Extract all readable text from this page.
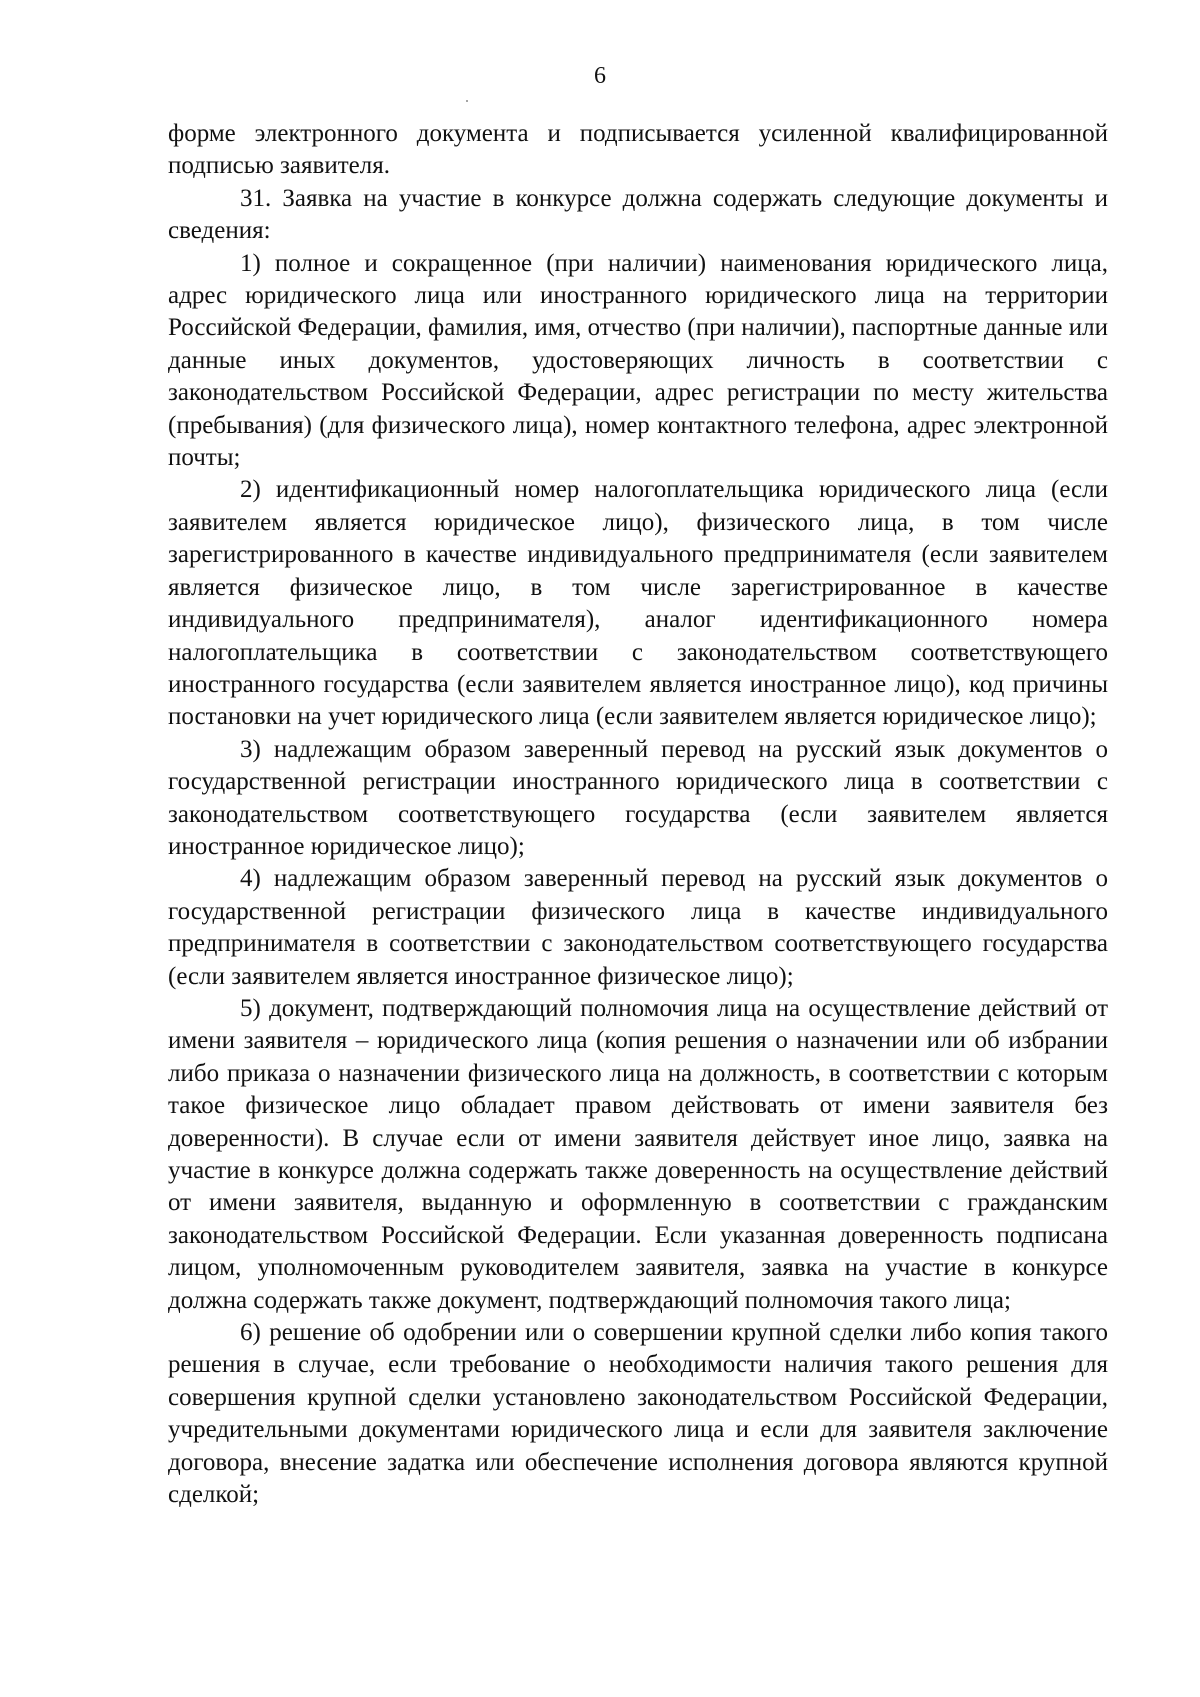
6

форме электронного документа и подписывается усиленной квалифицированной подписью заявителя.

31. Заявка на участие в конкурсе должна содержать следующие документы и сведения:

1) полное и сокращенное (при наличии) наименования юридического лица, адрес юридического лица или иностранного юридического лица на территории Российской Федерации, фамилия, имя, отчество (при наличии), паспортные данные или данные иных документов, удостоверяющих личность в соответствии с законодательством Российской Федерации, адрес регистрации по месту жительства (пребывания) (для физического лица), номер контактного телефона, адрес электронной почты;

2) идентификационный номер налогоплательщика юридического лица (если заявителем является юридическое лицо), физического лица, в том числе зарегистрированного в качестве индивидуального предпринимателя (если заявителем является физическое лицо, в том числе зарегистрированное в качестве индивидуального предпринимателя), аналог идентификационного номера налогоплательщика в соответствии с законодательством соответствующего иностранного государства (если заявителем является иностранное лицо), код причины постановки на учет юридического лица (если заявителем является юридическое лицо);

3) надлежащим образом заверенный перевод на русский язык документов о государственной регистрации иностранного юридического лица в соответствии с законодательством соответствующего государства (если заявителем является иностранное юридическое лицо);

4) надлежащим образом заверенный перевод на русский язык документов о государственной регистрации физического лица в качестве индивидуального предпринимателя в соответствии с законодательством соответствующего государства (если заявителем является иностранное физическое лицо);

5) документ, подтверждающий полномочия лица на осуществление действий от имени заявителя – юридического лица (копия решения о назначении или об избрании либо приказа о назначении физического лица на должность, в соответствии с которым такое физическое лицо обладает правом действовать от имени заявителя без доверенности). В случае если от имени заявителя действует иное лицо, заявка на участие в конкурсе должна содержать также доверенность на осуществление действий от имени заявителя, выданную и оформленную в соответствии с гражданским законодательством Российской Федерации. Если указанная доверенность подписана лицом, уполномоченным руководителем заявителя, заявка на участие в конкурсе должна содержать также документ, подтверждающий полномочия такого лица;

6) решение об одобрении или о совершении крупной сделки либо копия такого решения в случае, если требование о необходимости наличия такого решения для совершения крупной сделки установлено законодательством Российской Федерации, учредительными документами юридического лица и если для заявителя заключение договора, внесение задатка или обеспечение исполнения договора являются крупной сделкой;
